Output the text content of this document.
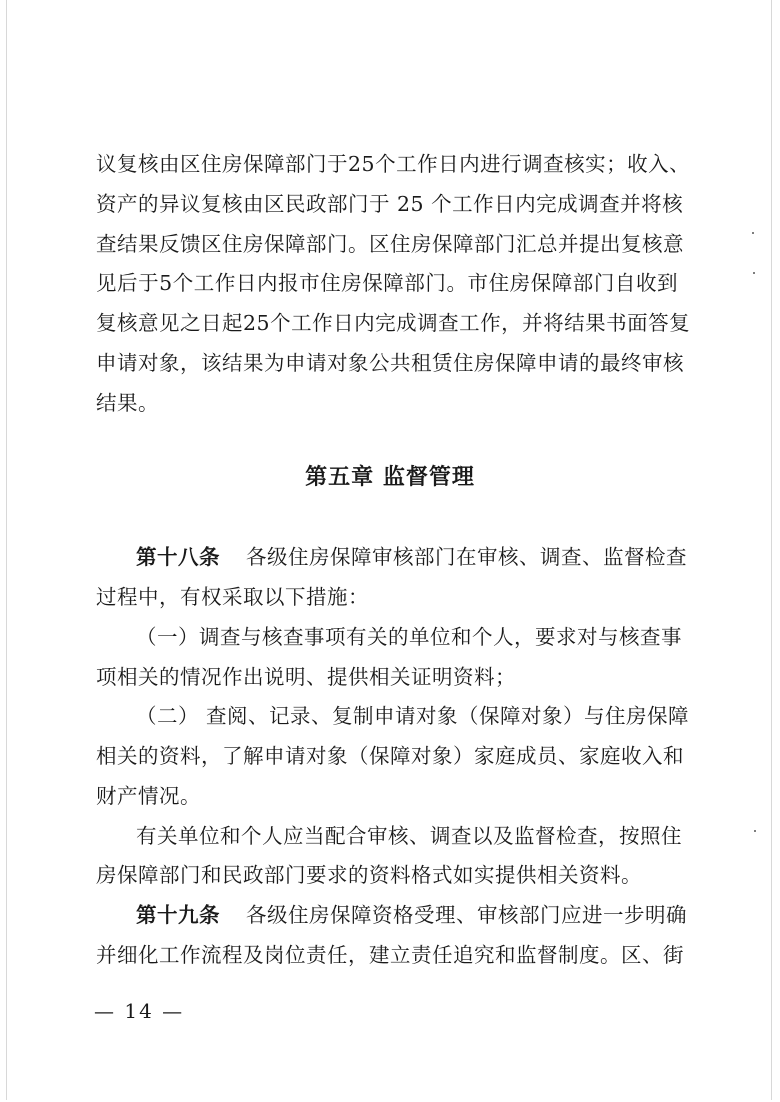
议复核由区住房保障部门于25个工作日内进行调查核实；收入、
资产的异议复核由区民政部门于 25 个工作日内完成调查并将核
查结果反馈区住房保障部门。区住房保障部门汇总并提出复核意
见后于5个工作日内报市住房保障部门。市住房保障部门自收到
复核意见之日起25个工作日内完成调查工作，并将结果书面答复
申请对象，该结果为申请对象公共租赁住房保障申请的最终审核
结果。
第五章 监督管理
第十八条 各级住房保障审核部门在审核、调查、监督检查
过程中，有权采取以下措施：
（一）调查与核查事项有关的单位和个人，要求对与核查事
项相关的情况作出说明、提供相关证明资料；
（二） 查阅、记录、复制申请对象（保障对象）与住房保障
相关的资料，了解申请对象（保障对象）家庭成员、家庭收入和
财产情况。
有关单位和个人应当配合审核、调查以及监督检查，按照住
房保障部门和民政部门要求的资料格式如实提供相关资料。
第十九条 各级住房保障资格受理、审核部门应进一步明确
并细化工作流程及岗位责任，建立责任追究和监督制度。区、街
— 14 —
